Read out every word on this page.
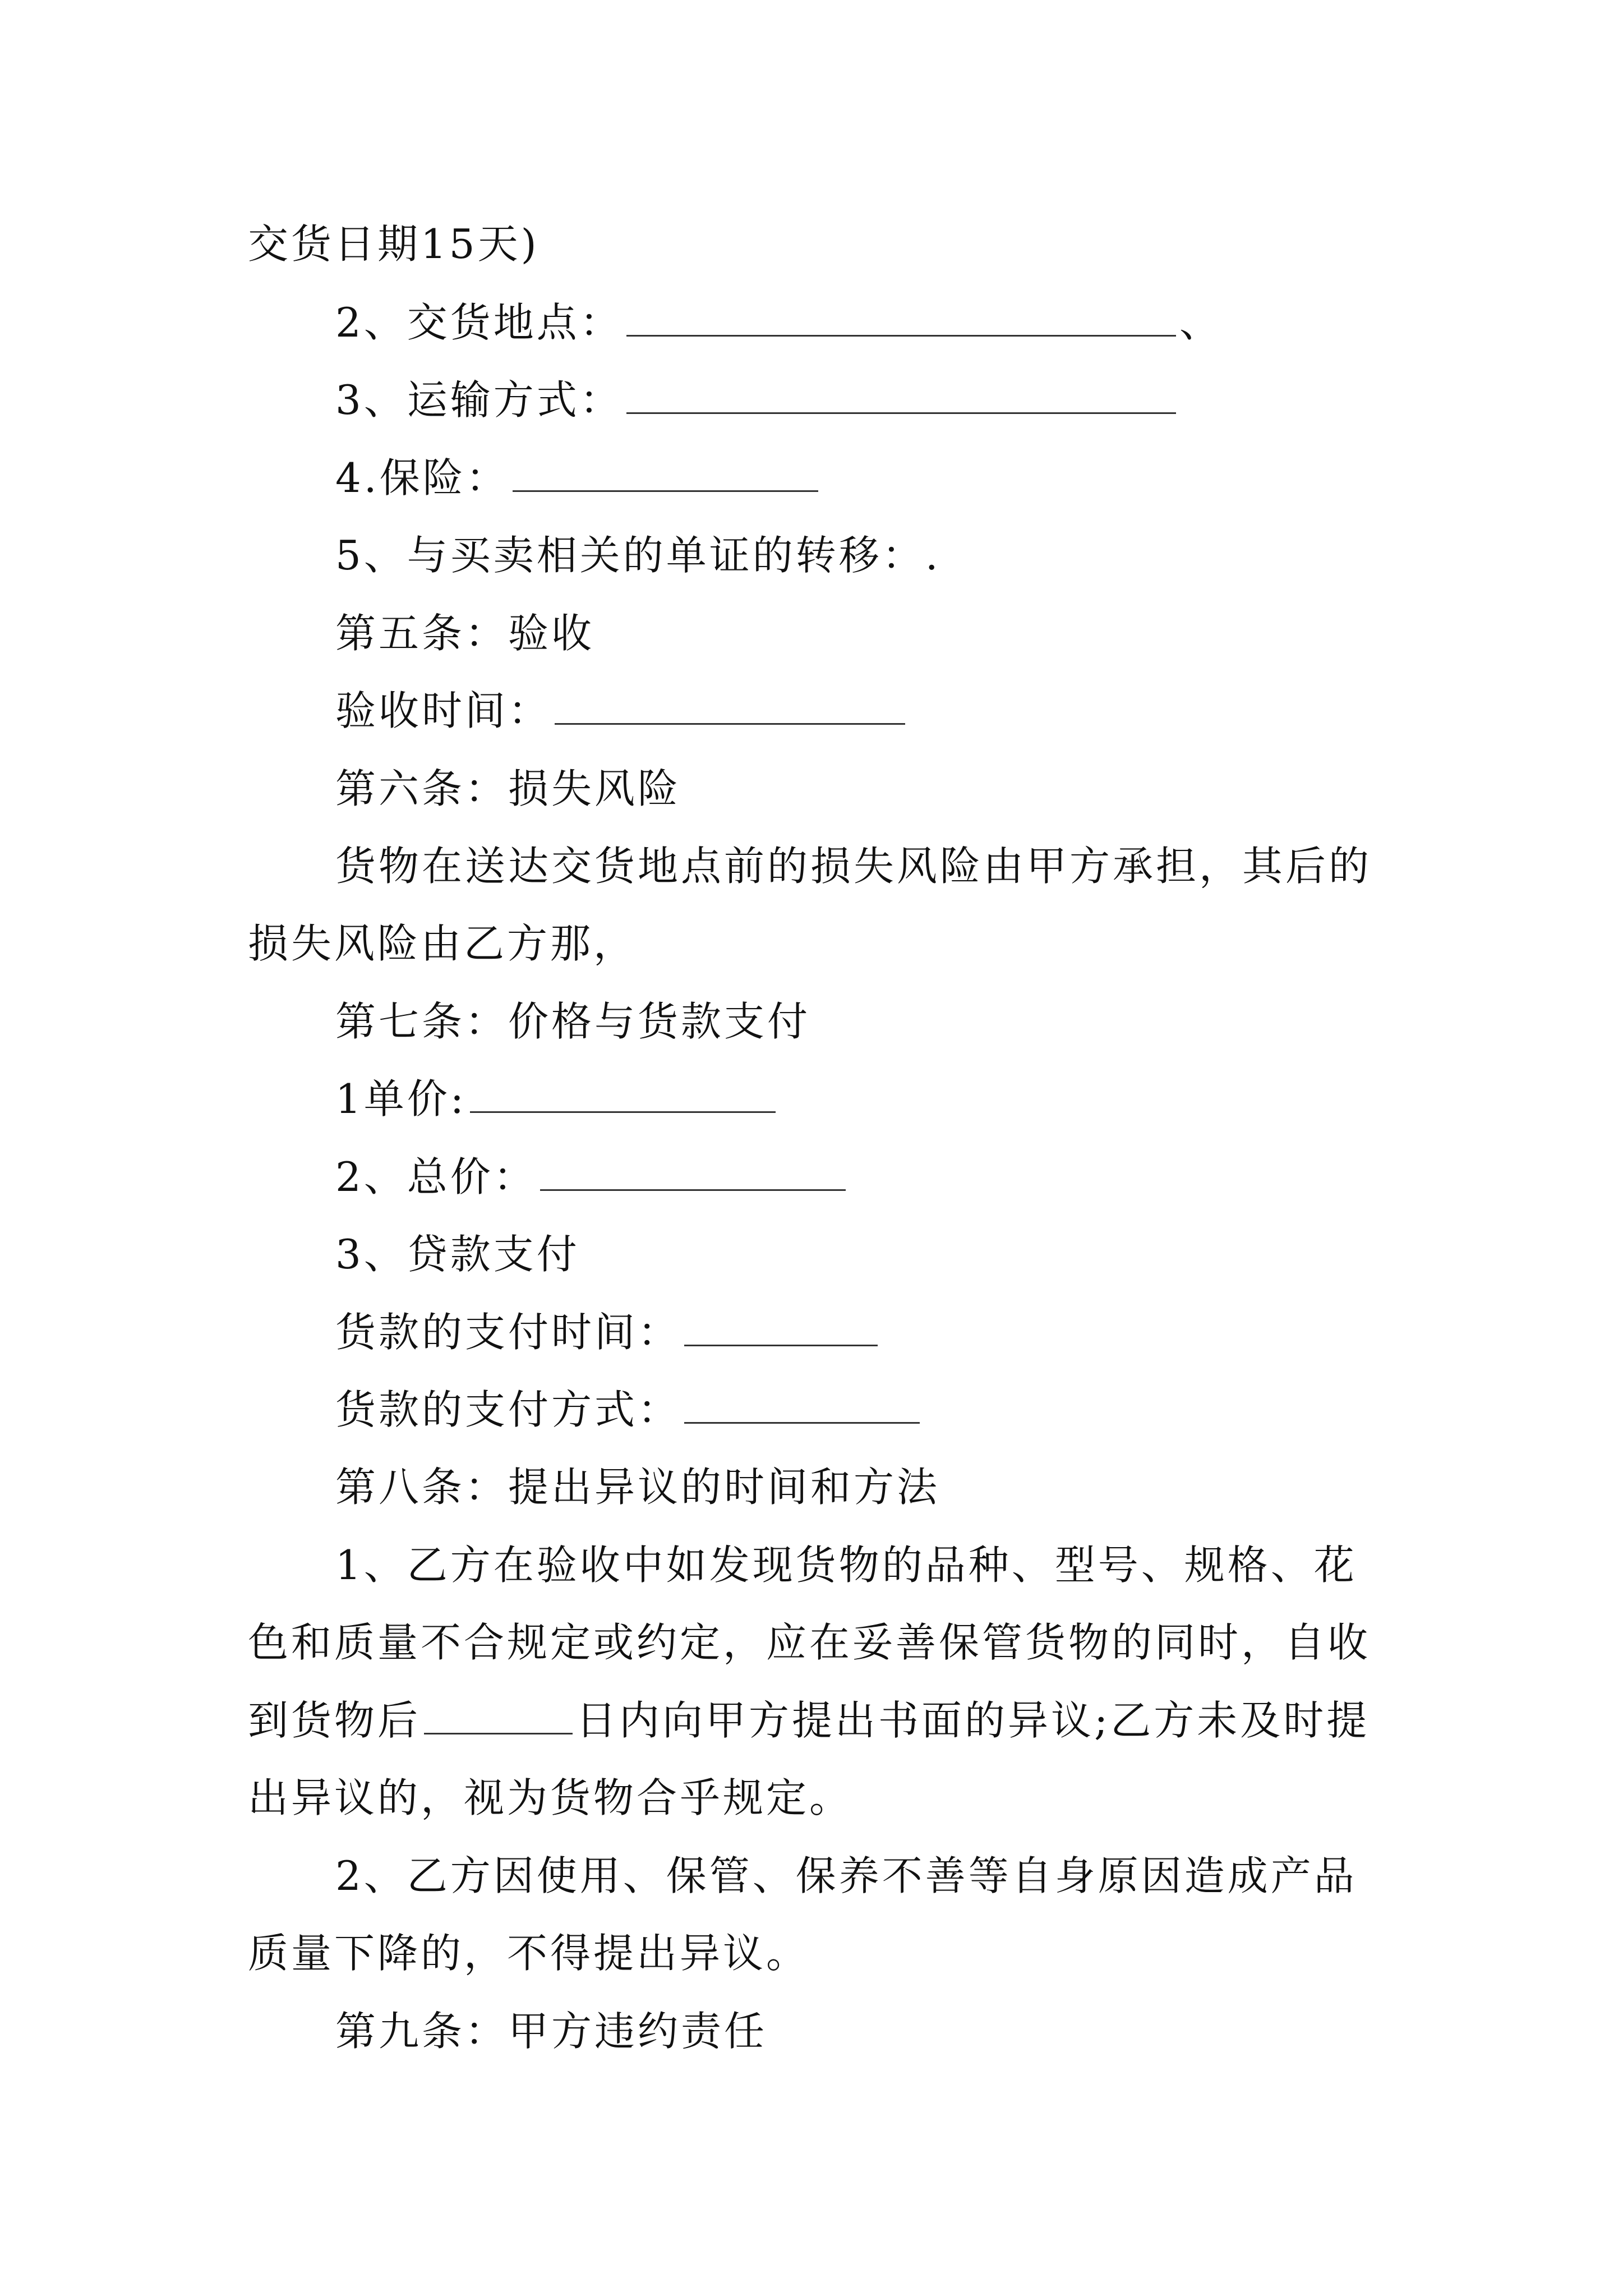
交货日期15天)
2、交货地点：	、
3、运输方式：
4.保险：
5、与买卖相关的单证的转移：.
第五条：验收
验收时间：
第六条：损失风险
货物在送达交货地点前的损失风险由甲方承担，其后的
损失风险由乙方那，
第七条：价格与货款支付
1单价:
2、总价：
3、贷款支付
货款的支付时间：
货款的支付方式：
第八条：提出异议的时间和方法
1、乙方在验收中如发现货物的品种、型号、规格、花
色和质量不合规定或约定，应在妥善保管货物的同时，自收
到货物后	日内向甲方提出书面的异议;乙方未及时提
出异议的，视为货物合乎规定。
2、乙方因使用、保管、保养不善等自身原因造成产品
质量下降的，不得提出异议。
第九条：甲方违约责任
